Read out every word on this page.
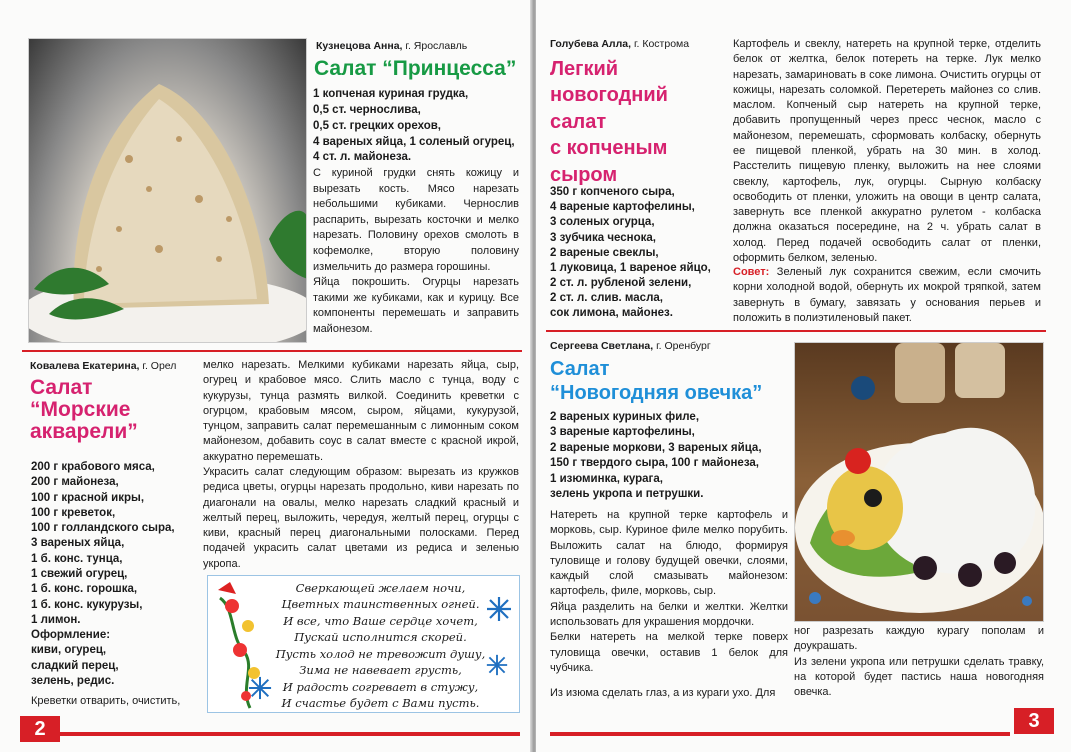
Кузнецова Анна, г. Ярославль
Салат “Принцесса”
1 копченая куриная грудка,
0,5 ст. чернослива,
0,5 ст. грецких орехов,
4 вареных яйца, 1 соленый огурец,
4 ст. л. майонеза.

С куриной грудки снять кожицу и вырезать кость. Мясо нарезать небольшими кубиками. Чернослив распарить, вырезать косточки и мелко нарезать. Половину орехов смолоть в кофемолке, вторую половину измельчить до размера горошины.

Яйца покрошить. Огурцы нарезать такими же кубиками, как и курицу. Все компоненты перемешать и заправить майонезом.

Ковалева Екатерина, г. Орел
Салат
“Морские
акварели”
200 г крабового мяса,
200 г майонеза,
100 г красной икры,
100 г креветок,
100 г голландского сыра,
3 вареных яйца,
1 б. конс. тунца,
1 свежий огурец,
1 б. конс. горошка,
1 б. конс. кукурузы,
1 лимон.
Оформление:
киви, огурец,
сладкий перец,
зелень, редис.
Креветки отварить, очистить,

мелко нарезать. Мелкими кубиками нарезать яйца, сыр, огурец и крабовое мясо. Слить масло с тунца, воду с кукурузы, тунца размять вилкой. Соединить креветки с огурцом, крабовым мясом, сыром, яйцами, кукурузой, тунцом, заправить салат перемешанным с лимонным соком майонезом, добавить соус в салат вместе с красной икрой, аккуратно перемешать.

Украсить салат следующим образом: вырезать из кружков редиса цветы, огурцы нарезать продольно, киви нарезать по диагонали на овалы, мелко нарезать сладкий красный и желтый перец, выложить, чередуя, желтый перец, огурцы с киви, красный перец диагональными полосками. Перед подачей украсить салат цветами из редиса и зеленью укропа.

Сверкающей желаем ночи,
Цветных таинственных огней.
И все, что Ваше сердце хочет,
Пускай исполнится скорей.
Пусть холод не тревожит душу,
Зима не навевает грусть,
И радость согревает в стужу,
И счастье будет с Вами пусть.
2
Голубева Алла, г. Кострома
Легкий
новогодний
салат
с копченым
сыром
350 г копченого сыра,
4 вареные картофелины,
3 соленых огурца,
3 зубчика чеснока,
2 вареные свеклы,
1 луковица, 1 вареное яйцо,
2 ст. л. рубленой зелени,
2 ст. л. слив. масла,
сок лимона, майонез.
Картофель и свеклу, натереть на крупной терке, отделить белок от желтка, белок потереть на терке. Лук мелко нарезать, замариновать в соке лимона. Очистить огурцы от кожицы, нарезать соломкой. Перетереть майонез со слив. маслом. Копченый сыр натереть на крупной терке, добавить пропущенный через пресс чеснок, масло с майонезом, перемешать, сформовать колбаску, обернуть ее пищевой пленкой, убрать на 30 мин. в холод. Расстелить пищевую пленку, выложить на нее слоями свеклу, картофель, лук, огурцы. Сырную колбаску освободить от пленки, уложить на овощи в центр салата, завернуть все пленкой аккуратно рулетом - колбаска должна оказаться посередине, на 2 ч. убрать салат в холод. Перед подачей освободить салат от пленки, оформить белком, зеленью.
Совет: Зеленый лук сохранится свежим, если смочить корни холодной водой, обернуть их мокрой тряпкой, затем завернуть в бумагу, завязать у основания перьев и положить в полиэтиленовый пакет.
Сергеева Светлана, г. Оренбург
Салат
“Новогодняя овечка”
2 вареных куриных филе,
3 вареные картофелины,
2 вареные моркови, 3 вареных яйца,
150 г твердого сыра, 100 г майонеза,
1 изюминка, курага,
зелень укропа и петрушки.

Натереть на крупной терке картофель и морковь, сыр. Куриное филе мелко порубить. Выложить салат на блюдо, формируя туловище и голову будущей овечки, слоями, каждый слой смазывать майонезом: картофель, филе, морковь, сыр.

Яйца разделить на белки и желтки. Желтки использовать для украшения мордочки.

Белки натереть на мелкой терке поверх туловища овечки, оставив 1 белок для чубчика.

ног разрезать каждую курагу пополам и доукрашать.

Из зелени укропа или петрушки сделать травку, на которой будет пастись наша новогодняя овечка.

Из изюма сделать глаз, а из кураги ухо. Для
3
